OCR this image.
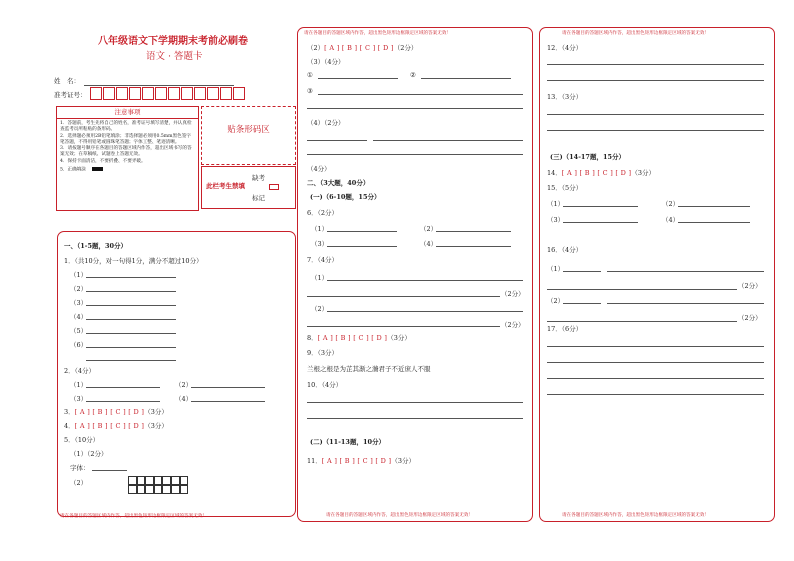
八年级语文下学期期末考前必刷卷
语文 · 答题卡
姓　名：
准考证号：
注意事项
1．答题前，考生先将自己的姓名，准考证号填写清楚，并认真检查监考员所粘贴的条形码。
2．选择题必须用2B铅笔填涂；非选择题必须用0.5mm黑色签字笔答题，不得用铅笔或圆珠笔答题；字体工整、笔迹清晰。
3．请按题号顺序在各题目的答题区域内作答，超出区域书写的答案无效；在草稿纸、试题卷上答题无效。
4．保持卡面清洁，不要折叠、不要弄破。
5．正确填涂
贴条形码区
此栏考生禁填
缺考
标记
一、（1-5题，30分）
1．（共10分，对一句得1分，满分不超过10分）
（1）
（2）
（3）
（4）
（5）
（6）
2．（4分）
（1）	（2）
（3）	（4）
3．[ A ] [ B ] [ C ] [ D ]（3分）
4．[ A ] [ B ] [ C ] [ D ]（3分）
5．（10分）
（1）（2分）
字体：
（2）
请在各题目的答题区域内作答，超出黑色矩形边框限定区域的答案无效！
请在各题目的答题区域内作答，超出黑色矩形边框限定区域的答案无效！
（2）[ A ] [ B ] [ C ] [ D ]（2分）
（3）（4分）
①	②
③
（4）（2分）
（4分）
二、（3大题，40分）
(一)（6-10题，15分）
6．（2分）
（1）	（2）
（3）	（4）
7．（4分）
（1）
（2分）
（2）
（2分）
8．[ A ] [ B ] [ C ] [ D ]（3分）
9．（3分）
兰根之根是为芷其渐之滫君子不近庶人不服
10．（4分）
(二)（11-13题，10分）
11．[ A ] [ B ] [ C ] [ D ]（3分）
请在各题目的答题区域内作答，超出黑色矩形边框限定区域的答案无效！
请在各题目的答题区域内作答，超出黑色矩形边框限定区域的答案无效！
12．（4分）
13．（3分）
(三)（14-17题，15分）
14．[ A ] [ B ] [ C ] [ D ]（3分）
15．（5分）
（1）	（2）
（3）	（4）
16．（4分）
（1）
（2分）
（2）
（2分）
17．（6分）
请在各题目的答题区域内作答，超出黑色矩形边框限定区域的答案无效！
